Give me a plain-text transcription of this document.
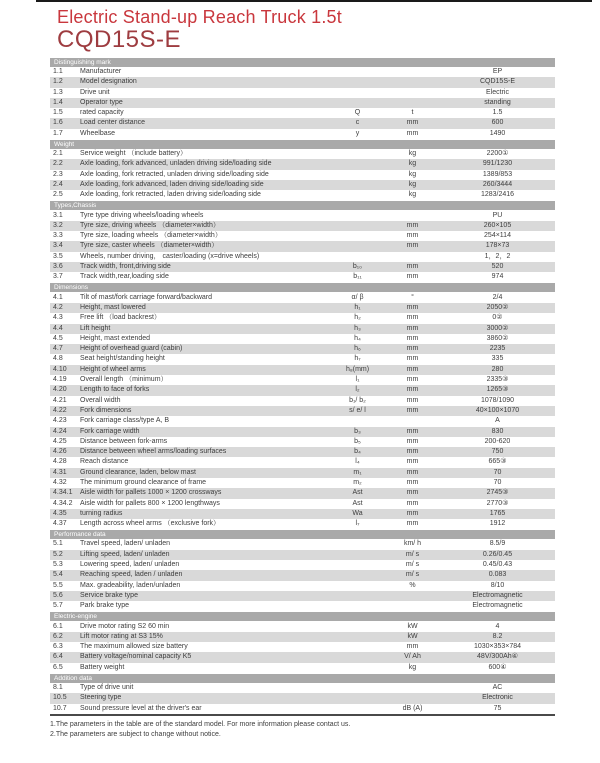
Electric Stand-up Reach Truck 1.5t
CQD15S-E
Distinguishing mark
1.1	Manufacturer	EP
1.2	Model designation	CQD15S-E
1.3	Drive unit	Electric
1.4	Operator type	standing
1.5	rated capacity	Q	t	1.5
1.6	Load center distance	c	mm	600
1.7	Wheelbase	y	mm	1490
Weight
2.1	Service weight （include battery）	kg	2200①
2.2	Axle loading, fork advanced, unladen driving side/loading side	kg	991/1230
2.3	Axle loading, fork retracted, unladen driving side/loading side	kg	1389/853
2.4	Axle loading, fork advanced, laden driving side/loading side	kg	260/3444
2.5	Axle loading, fork retracted, laden driving side/loading side	kg	1283/2416
Types,Chassis
3.1	Tyre type driving wheels/loading wheels	PU
3.2	Tyre size, driving wheels （diameter×width）	mm	260×105
3.3	Tyre size, loading wheels （diameter×width）	mm	254×114
3.4	Tyre size, caster wheels （diameter×width）	mm	178×73
3.5	Wheels, number driving， caster/loading (x=drive wheels)	1，2，2
3.6	Track width, front,driving side	b₁₀	mm	520
3.7	Track width,rear,loading side	b₁₁	mm	974
Dimensions
4.1	Tilt of mast/fork carriage forward/backward	α/ β	°	2/4
4.2	Height, mast lowered	h₁	mm	2050②
4.3	Free lift （load backrest）	h₂	mm	0②
4.4	Lift height	h₃	mm	3000②
4.5	Height, mast extended	h₄	mm	3860②
4.7	Height of overhead guard (cabin)	h₆	mm	2235
4.8	Seat height/standing height	h₇	mm	335
4.10	Height of wheel arms	h₈(mm)	mm	280
4.19	Overall length （minimum）	l₁	mm	2335③
4.20	Length to face of forks	l₂	mm	1265③
4.21	Overall width	b₁/ b₂	mm	1078/1090
4.22	Fork dimensions	s/ e/ l	mm	40×100×1070
4.23	Fork carriage class/type A, B	A
4.24	Fork carriage width	b₃	mm	830
4.25	Distance between fork-arms	b₅	mm	200-620
4.26	Distance between wheel arms/loading surfaces	b₄	mm	750
4.28	Reach distance	l₄	mm	665③
4.31	Ground clearance, laden, below mast	m₁	mm	70
4.32	The minimum ground clearance of frame	m₂	mm	70
4.34.1	Aisle width for pallets 1000 × 1200 crossways	Ast	mm	2745③
4.34.2	Aisle width for pallets 800 × 1200 lengthways	Ast	mm	2770③
4.35	turning radius	Wa	mm	1765
4.37	Length across wheel arms （exclusive fork）	l₇	mm	1912
Performance data
5.1	Travel speed, laden/ unladen	km/ h	8.5/9
5.2	Lifting speed, laden/ unladen	m/ s	0.26/0.45
5.3	Lowering speed, laden/ unladen	m/ s	0.45/0.43
5.4	Reaching speed, laden / unladen	m/ s	0.083
5.5	Max. gradeability, laden/unladen	%	8/10
5.6	Service brake type	Electromagnetic
5.7	Park brake type	Electromagnetic
Electric-engine
6.1	Drive motor rating S2 60 min	kW	4
6.2	Lift motor rating at S3 15%	kW	8.2
6.3	The maximum allowed size battery	mm	1030×353×784
6.4	Battery voltage/nominal capacity K5	V/ Ah	48V/300Ah④
6.5	Battery weight	kg	600④
Addition data
8.1	Type of drive unit	AC
10.5	Steering type	Electronic
10.7	Sound pressure level at the driver's ear	dB (A)	75
1.The parameters in the table are of the standard model. For more information please contact us.
2.The parameters are subject to change without notice.
